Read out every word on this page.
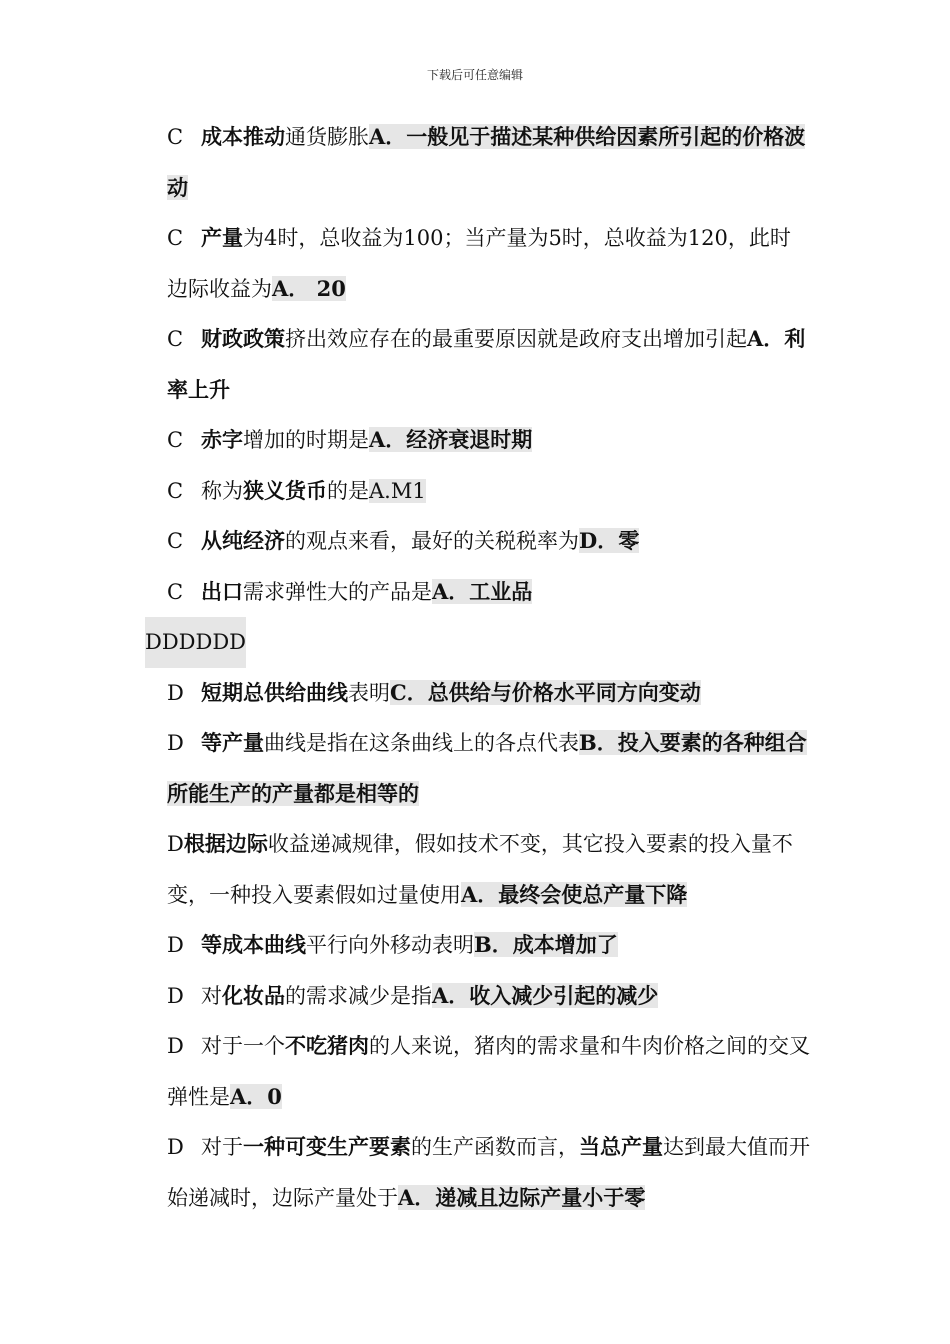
下载后可任意编辑

C 成本推动通货膨胀A．一般见于描述某种供给因素所引起的价格波动

C 产量为4时，总收益为100；当产量为5时，总收益为120，此时边际收益为A． 20

C 财政政策挤出效应存在的最重要原因就是政府支出增加引起A．利率上升

C 赤字增加的时期是A．经济衰退时期

C 称为狭义货币的是A.M1

C 从纯经济的观点来看，最好的关税税率为D．零

C 出口需求弹性大的产品是A．工业品

DDDDDD

D 短期总供给曲线表明C．总供给与价格水平同方向变动

D 等产量曲线是指在这条曲线上的各点代表B．投入要素的各种组合所能生产的产量都是相等的

D根据边际收益递减规律，假如技术不变，其它投入要素的投入量不变，一种投入要素假如过量使用A．最终会使总产量下降

D 等成本曲线平行向外移动表明B．成本增加了

D 对化妆品的需求减少是指A．收入减少引起的减少

D 对于一个不吃猪肉的人来说，猪肉的需求量和牛肉价格之间的交叉弹性是A．0

D 对于一种可变生产要素的生产函数而言，当总产量达到最大值而开始递减时，边际产量处于A．递减且边际产量小于零
